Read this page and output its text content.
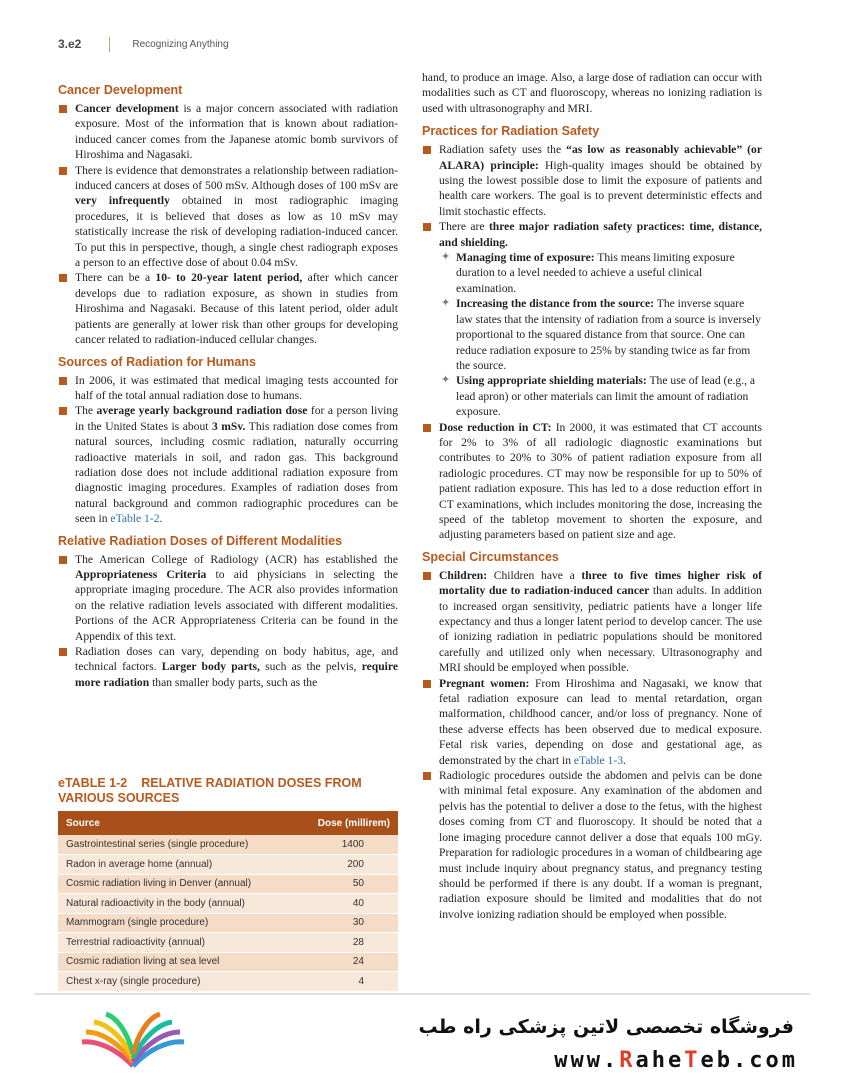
3.e2	Recognizing Anything
Cancer Development
Cancer development is a major concern associated with radiation exposure. Most of the information that is known about radiation-induced cancer comes from the Japanese atomic bomb survivors of Hiroshima and Nagasaki.
There is evidence that demonstrates a relationship between radiation-induced cancers at doses of 500 mSv. Although doses of 100 mSv are very infrequently obtained in most radiographic imaging procedures, it is believed that doses as low as 10 mSv may statistically increase the risk of developing radiation-induced cancer. To put this in perspective, though, a single chest radiograph exposes a person to an effective dose of about 0.04 mSv.
There can be a 10- to 20-year latent period, after which cancer develops due to radiation exposure, as shown in studies from Hiroshima and Nagasaki. Because of this latent period, older adult patients are generally at lower risk than other groups for developing cancer related to radiation-induced cellular changes.
Sources of Radiation for Humans
In 2006, it was estimated that medical imaging tests accounted for half of the total annual radiation dose to humans.
The average yearly background radiation dose for a person living in the United States is about 3 mSv. This radiation dose comes from natural sources, including cosmic radiation, naturally occurring radioactive materials in soil, and radon gas. This background radiation dose does not include additional radiation exposure from diagnostic imaging procedures. Examples of radiation doses from natural background and common radiographic procedures can be seen in eTable 1-2.
Relative Radiation Doses of Different Modalities
The American College of Radiology (ACR) has established the Appropriateness Criteria to aid physicians in selecting the appropriate imaging procedure. The ACR also provides information on the relative radiation levels associated with different modalities. Portions of the ACR Appropriateness Criteria can be found in the Appendix of this text.
Radiation doses can vary, depending on body habitus, age, and technical factors. Larger body parts, such as the pelvis, require more radiation than smaller body parts, such as the
eTABLE 1-2 RELATIVE RADIATION DOSES FROM VARIOUS SOURCES
Source	Dose (millirem)
Gastrointestinal series (single procedure)	1400
Radon in average home (annual)	200
Cosmic radiation living in Denver (annual)	50
Natural radioactivity in the body (annual)	40
Mammogram (single procedure)	30
Terrestrial radioactivity (annual)	28
Cosmic radiation living at sea level	24
Chest x-ray (single procedure)	4

hand, to produce an image. Also, a large dose of radiation can occur with modalities such as CT and fluoroscopy, whereas no ionizing radiation is used with ultrasonography and MRI.

Practices for Radiation Safety
Radiation safety uses the “as low as reasonably achievable” (or ALARA) principle: High-quality images should be obtained by using the lowest possible dose to limit the exposure of patients and health care workers. The goal is to prevent deterministic effects and limit stochastic effects.
There are three major radiation safety practices: time, distance, and shielding.
✦ Managing time of exposure: This means limiting exposure duration to a level needed to achieve a useful clinical examination.
✦ Increasing the distance from the source: The inverse square law states that the intensity of radiation from a source is inversely proportional to the squared distance from that source. One can reduce radiation exposure to 25% by standing twice as far from the source.
✦ Using appropriate shielding materials: The use of lead (e.g., a lead apron) or other materials can limit the amount of radiation exposure.
Dose reduction in CT: In 2000, it was estimated that CT accounts for 2% to 3% of all radiologic diagnostic examinations but contributes to 20% to 30% of patient radiation exposure from all radiologic procedures. CT may now be responsible for up to 50% of patient radiation exposure. This has led to a dose reduction effort in CT examinations, which includes monitoring the dose, increasing the speed of the tabletop movement to shorten the exposure, and adjusting parameters based on patient size and age.
Special Circumstances
Children: Children have a three to five times higher risk of mortality due to radiation-induced cancer than adults. In addition to increased organ sensitivity, pediatric patients have a longer life expectancy and thus a longer latent period to develop cancer. The use of ionizing radiation in pediatric populations should be monitored carefully and utilized only when necessary. Ultrasonography and MRI should be employed when possible.
Pregnant women: From Hiroshima and Nagasaki, we know that fetal radiation exposure can lead to mental retardation, organ malformation, childhood cancer, and/or loss of pregnancy. None of these adverse effects has been observed due to medical exposure. Fetal risk varies, depending on dose and gestational age, as demonstrated by the chart in eTable 1-3.
Radiologic procedures outside the abdomen and pelvis can be done with minimal fetal exposure. Any examination of the abdomen and pelvis has the potential to deliver a dose to the fetus, with the highest doses coming from CT and fluoroscopy. It should be noted that a lone imaging procedure cannot deliver a dose that equals 100 mGy. Preparation for radiologic procedures in a woman of childbearing age must include inquiry about pregnancy status, and pregnancy testing should be performed if there is any doubt. If a woman is pregnant, radiation exposure should be limited and modalities that do not involve ionizing radiation should be employed when possible.
فروشگاه تخصصی لاتین پزشکی راه طب
www.RaheTeb.com
